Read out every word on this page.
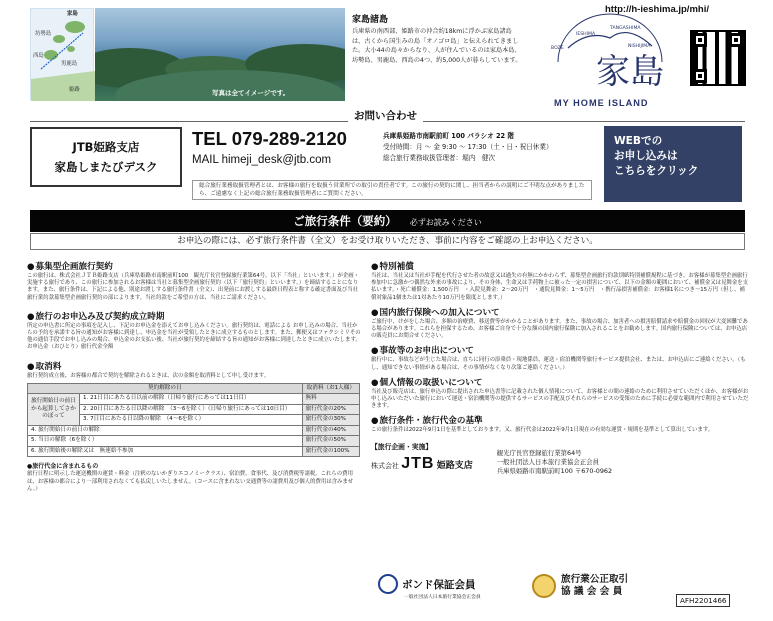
家島
坊勢島
男鹿島
西島
姫路	写真は全てイメージです。
家島諸島
兵庫県の南西部、姫路市の沖合約18kmに浮かぶ家島諸島は、古くから国生みの島「オノゴロ島」と伝えられてきました。大小44の島々からなり、人が住んでいるのは家島本島、坊勢島、男鹿島、西島の4つ、約5,000人が暮らしています。
BOZE
IESHIMA
TANGASHIMA
NISHIJIMA
家島
MY HOME ISLAND
http://h-ieshima.jp/mhi/
お問い合わせ
JTB姫路支店
家島しまたびデスク
TEL 079-289-2120
MAIL himeji_desk@jtb.com
兵庫県姫路市南駅前町 100 パラシオ 22 階
受付時間：月 ～ 金 9:30 ～ 17:30（土・日・祝日休業）
総合旅行業務取扱管理者：堀内　健次
WEBでの
お申し込みは
こちらをクリック
総合旅行業務取扱管理者とは、お客様の旅行を取扱う営業所での取引の責任者です。この旅行の契約に関し、担当者からの説明にご不明な点がありましたら、ご遠慮なく上記の総合旅行業務取扱管理者にご質問ください。
ご旅行条件（要約） 必ずお読みください
お申込の際には、必ず旅行条件書（全文）をお受け取りいただき、事前に内容をご確認の上お申込ください。
● 募集型企画旅行契約
この旅行は、株式会社ＪＴＢ姫路支店（兵庫県姫路市南駅前町100　観光庁長官登録旅行業第64号。以下「当社」といいます。）が企画・実施する旅行であり、この旅行に参加されるお客様は当社と募集型企画旅行契約（以下「旅行契約」といいます。）を締結することになります。また、旅行条件は、下記による他、別途お渡しする旅行条件書（全文）、出発前にお渡しする最終日程表と称する確定書面及び当社旅行業約款募集型企画旅行契約の部によります。当社約款をご希望の方は、当社にご請求ください。
● 旅行のお申込み及び契約成立時期
所定の申込書に所定の事項を記入し、下記のお申込金を添えてお申し込みください。旅行契約は、電話による お申し込みの場合、当社からの予約を承諾する旨の通知がお客様に到達し、申込金を当社が受領したときに成立するものとします。また、郵便又はファクシミリその他の通信手段でお申し込みの場合、申込金のお支払い後、当社が旅行契約を締結する旨の通知がお客様に到達したときに成立いたします。お申込金（おひとり）旅行代金全額
● 取消料
旅行契約成立後、お客様の都合で契約を解除されるときは、次の金額を取消料として申し受けます。
契約解除の日		取消料（お1人様）
旅行開始日の前日から起算してさかのぼって	1. 21日目にあたる日以前の解除（日帰り旅行にあっては11日目）	無料
	2. 20日目にあたる日以降の解除　（3～6を除く）（日帰り旅行にあっては10日目）	旅行代金の20%
	3. 7日目にあたる日以降の解除　（4～6を除く）	旅行代金の30%
4. 旅行開始日の前日の解除		旅行代金の40%
5. 当日の解除（6を除く）		旅行代金の50%
6. 旅行開始後の解除又は　無連絡不参加		旅行代金の100%
●旅行代金に含まれるもの
旅行日程に明示した運送機関の運賃・料金（注釈のないかぎりエコノミークラス）、宿泊費、食事代、及び消費税等諸税。これらの費用は、お客様の都合により一部利用されなくても払戻しいたしません。（コースに含まれない交通費等の諸費用及び個人的費用は含みません。）
● 特別補償
当社は、当社又は当社が手配を代行させた者の故意又は過失の有無にかかわらず、募集型企画旅行約款別紙特別補償規程に基づき、お客様が募集型企画旅行参加中に急激かつ偶然な外来の事故により、その身体、生命又は手荷物上に被った一定の損害について、以下の金額の範囲において、補償金又は見舞金を支払います。・死亡補償金：1,500万円　・入院見舞金：2～20万円　・通院見舞金：1～5万円　・携行品損害補償金：お客様1名につき～15万円（但し、補償対象品1個または1対あたり10万円を限度とします。）
● 国内旅行保険への加入について
ご旅行中、けがをした場合、多額の治療費、移送費等がかかることがあります。また、事故の場合、加害者への損害賠償請求や賠償金の回収が大変困難である場合があります。これらを担保するため、お客様ご自身で十分な額の国内旅行保険に加入されることをお勧めします。国内旅行保険については、お申込店の販売員にお問合せください。
● 事故等のお申出について
旅行中に、事故などが生じた場合は、直ちに同行の添乗員・現地係員、運送・宿泊機関等旅行サービス提供会社、または、お申込店にご連絡ください。（もし、通知できない事情がある場合は、その事情がなくなり次第ご連絡ください。）
● 個人情報の取扱いについて
当社及び販売店は、旅行申込の際に提出された申込書等に記載された個人情報について、お客様との間の連絡のために利用させていただくほか、お客様がお申し込みいただいた旅行において運送・宿泊機関等の提供するサービスの手配及びそれらのサービスの受領のために手続に必要な範囲内で利用させていただきます。
● 旅行条件・旅行代金の基準
この旅行条件は2022年9月1日を基準としております。又、旅行代金は2022年9月1日現在の有効な運賃・規則を基準として算出しています。
【旅行企画・実施】
株式会社 JTB 姫路支店
観光庁長官登録旅行業第64号
一般社団法人日本旅行業協会正会員
兵庫県姫路市南駅前町100 〒670-0962
ボンド保証会員
一般社団法人日本旅行業協会正会員
旅行業公正取引
協 議 会 会 員
AFH2201466
